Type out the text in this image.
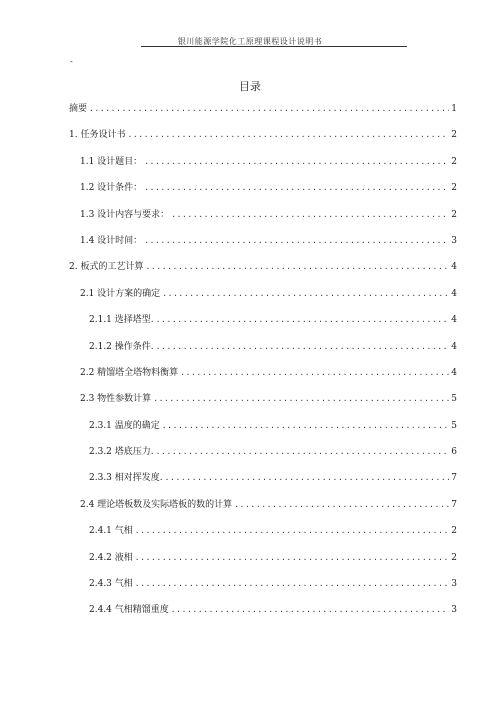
银川能源学院化工原理课程设计说明书
-
目录
摘要 .....	1
1. 任务设计书 .....	2
1.1 设计题目： .....	2
1.2 设计条件： .....	2
1.3 设计内容与要求： .....	2
1.4 设计时间： .....	3
2. 板式的工艺计算 .....	4
2.1 设计方案的确定 .....	4
2.1.1 选择塔型. .....	4
2.1.2 操作条件. .....	4
2.2 精馏塔全塔物料衡算 .....	4
2.3 物性参数计算 .....	5
2.3.1 温度的确定 .....	5
2.3.2 塔底压力. .....	6
2.3.3 相对挥发度. .....	7
2.4 理论塔板数及实际塔板的数的计算 .....	7
2.4.1 气相 .....	2
2.4.2 液相 .....	2
2.4.3 气相 .....	3
2.4.4 气相精馏重度 .....	3
